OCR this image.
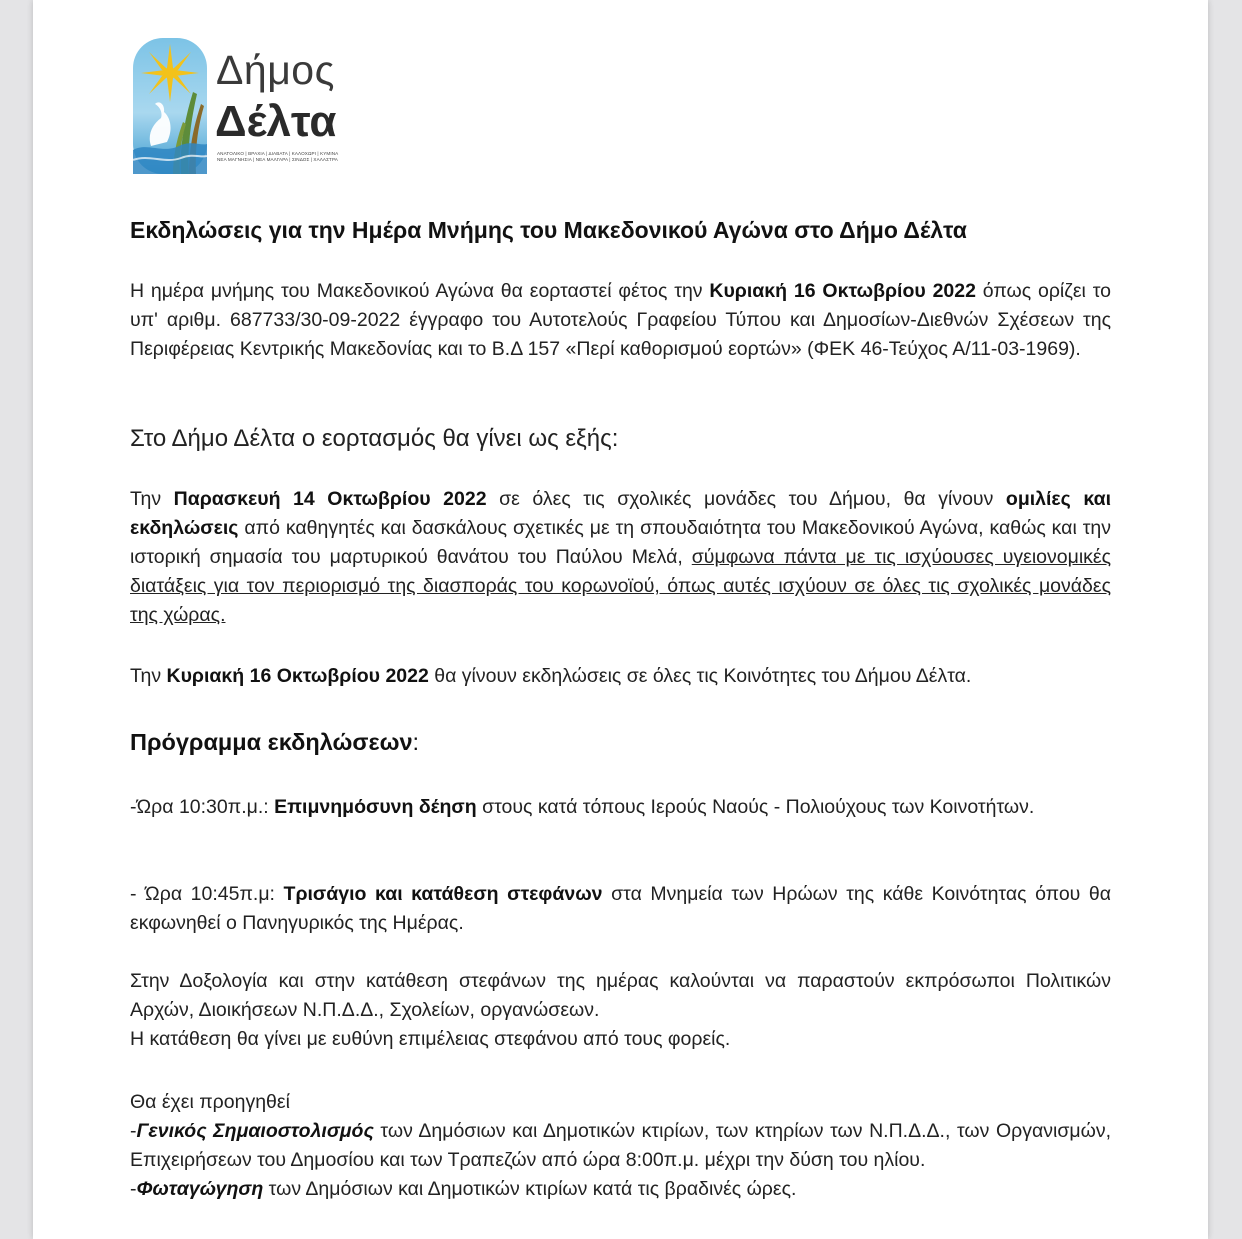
Δήμος
Δέλτα
ΑΝΑΤΟΛΙΚΟ | ΒΡΑΧΙΑ | ΔΙΑΒΑΤΑ | ΚΑΛΟΧΩΡΙ | ΚΥΜΙΝΑ
ΝΕΑ ΜΑΓΝΗΣΙΑ | ΝΕΑ ΜΑΛΓΑΡΑ | ΣΙΝΔΟΣ | ΧΑΛΑΣΤΡΑ
Εκδηλώσεις για την Ημέρα Μνήμης του Μακεδονικού Αγώνα στο Δήμο Δέλτα
Η ημέρα μνήμης του Μακεδονικού Αγώνα θα εορταστεί φέτος την Κυριακή 16 Οκτωβρίου 2022 όπως ορίζει το υπ' αριθμ. 687733/30-09-2022 έγγραφο του Αυτοτελούς Γραφείου Τύπου και Δημοσίων-Διεθνών Σχέσεων της Περιφέρειας Κεντρικής Μακεδονίας και το Β.Δ 157 «Περί καθορισμού εορτών» (ΦΕΚ 46-Τεύχος Α/11-03-1969).
Στο Δήμο Δέλτα ο εορτασμός θα γίνει ως εξής:
Την Παρασκευή 14 Οκτωβρίου 2022 σε όλες τις σχολικές μονάδες του Δήμου, θα γίνουν ομιλίες και εκδηλώσεις από καθηγητές και δασκάλους σχετικές με τη σπουδαιότητα του Μακεδονικού Αγώνα, καθώς και την ιστορική σημασία του μαρτυρικού θανάτου του Παύλου Μελά, σύμφωνα πάντα με τις ισχύουσες υγειονομικές διατάξεις για τον περιορισμό της διασποράς του κορωνοϊού, όπως αυτές ισχύουν σε όλες τις σχολικές μονάδες της χώρας.
Την Κυριακή 16 Οκτωβρίου 2022 θα γίνουν εκδηλώσεις σε όλες τις Κοινότητες του Δήμου Δέλτα.
Πρόγραμμα εκδηλώσεων:
-Ώρα 10:30π.μ.: Επιμνημόσυνη δέηση στους κατά τόπους Ιερούς Ναούς - Πολιούχους των Κοινοτήτων.
- Ώρα 10:45π.μ: Τρισάγιο και κατάθεση στεφάνων στα Μνημεία των Ηρώων της κάθε Κοινότητας όπου θα εκφωνηθεί ο Πανηγυρικός της Ημέρας.
Στην Δοξολογία και στην κατάθεση στεφάνων της ημέρας καλούνται να παραστούν εκπρόσωποι Πολιτικών Αρχών, Διοικήσεων Ν.Π.Δ.Δ., Σχολείων, οργανώσεων.
Η κατάθεση θα γίνει με ευθύνη επιμέλειας στεφάνου από τους φορείς.
Θα έχει προηγηθεί
-Γενικός Σημαιοστολισμός των Δημόσιων και Δημοτικών κτιρίων, των κτηρίων των Ν.Π.Δ.Δ., των Οργανισμών, Επιχειρήσεων του Δημοσίου και των Τραπεζών από ώρα 8:00π.μ. μέχρι την δύση του ηλίου.
-Φωταγώγηση των Δημόσιων και Δημοτικών κτιρίων κατά τις βραδινές ώρες.
